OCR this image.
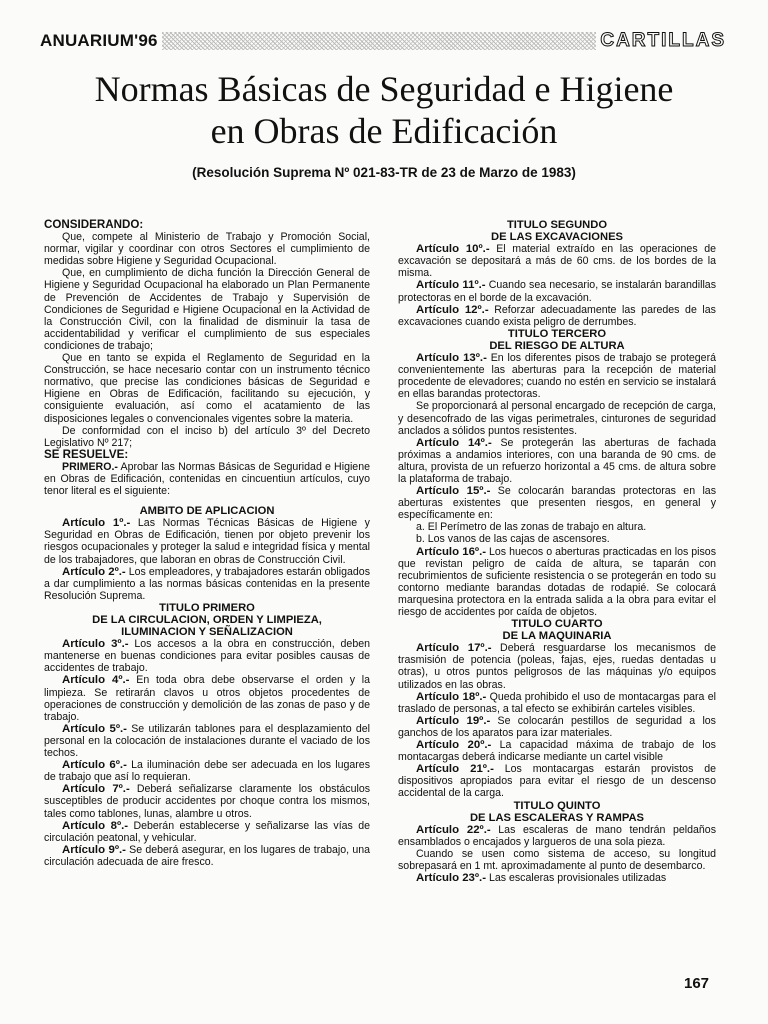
ANUARIUM'96	CARTILLAS
Normas Básicas de Seguridad e Higiene
en Obras de Edificación
(Resolución Suprema Nº 021-83-TR de 23 de Marzo de 1983)

CONSIDERANDO:

Que, compete al Ministerio de Trabajo y Promoción Social, normar, vigilar y coordinar con otros Sectores el cumplimiento de medidas sobre Higiene y Seguridad Ocupacional.

Que, en cumplimiento de dicha función la Dirección General de Higiene y Seguridad Ocupacional ha elaborado un Plan Permanente de Prevención de Accidentes de Trabajo y Supervisión de Condiciones de Seguridad e Higiene Ocupacional en la Actividad de la Construcción Civil, con la finalidad de disminuir la tasa de accidentabilidad y verificar el cumplimiento de sus especiales condiciones de trabajo;

Que en tanto se expida el Reglamento de Seguridad en la Construcción, se hace necesario contar con un instrumento técnico normativo, que precise las condiciones básicas de Seguridad e Higiene en Obras de Edificación, facilitando su ejecución, y consiguiente evaluación, así como el acatamiento de las disposiciones legales o convencionales vigentes sobre la materia.

De conformidad con el inciso b) del artículo 3º del Decreto Legislativo Nº 217;

SE RESUELVE:

PRIMERO.- Aprobar las Normas Básicas de Seguridad e Higiene en Obras de Edificación, contenidas en cincuentiun artículos, cuyo tenor literal es el siguiente:

AMBITO DE APLICACION

Artículo 1º.- Las Normas Técnicas Básicas de Higiene y Seguridad en Obras de Edificación, tienen por objeto prevenir los riesgos ocupacionales y proteger la salud e integridad física y mental de los trabajadores, que laboran en obras de Construcción Civil.

Artículo 2º.- Los empleadores, y trabajadores estarán obligados a dar cumplimiento a las normas básicas contenidas en la presente Resolución Suprema.

TITULO PRIMERO
DE LA CIRCULACION, ORDEN Y LIMPIEZA,
ILUMINACION Y SEÑALIZACION

Artículo 3º.- Los accesos a la obra en construcción, deben mantenerse en buenas condiciones para evitar posibles causas de accidentes de trabajo.

Artículo 4º.- En toda obra debe observarse el orden y la limpieza. Se retirarán clavos u otros objetos procedentes de operaciones de construcción y demolición de las zonas de paso y de trabajo.

Artículo 5º.- Se utilizarán tablones para el desplazamiento del personal en la colocación de instalaciones durante el vaciado de los techos.

Artículo 6º.- La iluminación debe ser adecuada en los lugares de trabajo que así lo requieran.

Artículo 7º.- Deberá señalizarse claramente los obstáculos susceptibles de producir accidentes por choque contra los mismos, tales como tablones, lunas, alambre u otros.

Artículo 8º.- Deberán establecerse y señalizarse las vías de circulación peatonal, y vehicular.

Artículo 9º.- Se deberá asegurar, en los lugares de trabajo, una circulación adecuada de aire fresco.

TITULO SEGUNDO
DE LAS EXCAVACIONES

Artículo 10º.- El material extraído en las operaciones de excavación se depositará a más de 60 cms. de los bordes de la misma.

Artículo 11º.- Cuando sea necesario, se instalarán barandillas protectoras en el borde de la excavación.

Artículo 12º.- Reforzar adecuadamente las paredes de las excavaciones cuando exista peligro de derrumbes.

TITULO TERCERO
DEL RIESGO DE ALTURA

Artículo 13º.- En los diferentes pisos de trabajo se protegerá convenientemente las aberturas para la recepción de material procedente de elevadores; cuando no estén en servicio se instalará en ellas barandas protectoras.

Se proporcionará al personal encargado de recepción de carga, y desencofrado de las vigas perimetrales, cinturones de seguridad anclados a sólidos puntos resistentes.

Artículo 14º.- Se protegerán las aberturas de fachada próximas a andamios interiores, con una baranda de 90 cms. de altura, provista de un refuerzo horizontal a 45 cms. de altura sobre la plataforma de trabajo.

Artículo 15º.- Se colocarán barandas protectoras en las aberturas existentes que presenten riesgos, en general y específicamente en:

a. El Perímetro de las zonas de trabajo en altura.

b. Los vanos de las cajas de ascensores.

Artículo 16º.- Los huecos o aberturas practicadas en los pisos que revistan peligro de caída de altura, se taparán con recubrimientos de suficiente resistencia o se protegerán en todo su contorno mediante barandas dotadas de rodapié. Se colocará marquesina protectora en la entrada salida a la obra para evitar el riesgo de accidentes por caída de objetos.

TITULO CUARTO
DE LA MAQUINARIA

Artículo 17º.- Deberá resguardarse los mecanismos de trasmisión de potencia (poleas, fajas, ejes, ruedas dentadas u otras), u otros puntos peligrosos de las máquinas y/o equipos utilizados en las obras.

Artículo 18º.- Queda prohibido el uso de montacargas para el traslado de personas, a tal efecto se exhibirán carteles visibles.

Artículo 19º.- Se colocarán pestillos de seguridad a los ganchos de los aparatos para izar materiales.

Artículo 20º.- La capacidad máxima de trabajo de los montacargas deberá indicarse mediante un cartel visible

Artículo 21º.- Los montacargas estarán provistos de dispositivos apropiados para evitar el riesgo de un descenso accidental de la carga.

TITULO QUINTO
DE LAS ESCALERAS Y RAMPAS

Artículo 22º.- Las escaleras de mano tendrán peldaños ensamblados o encajados y largueros de una sola pieza.

Cuando se usen como sistema de acceso, su longitud sobrepasará en 1 mt. aproximadamente al punto de desembarco.

Artículo 23º.- Las escaleras provisionales utilizadas

167
